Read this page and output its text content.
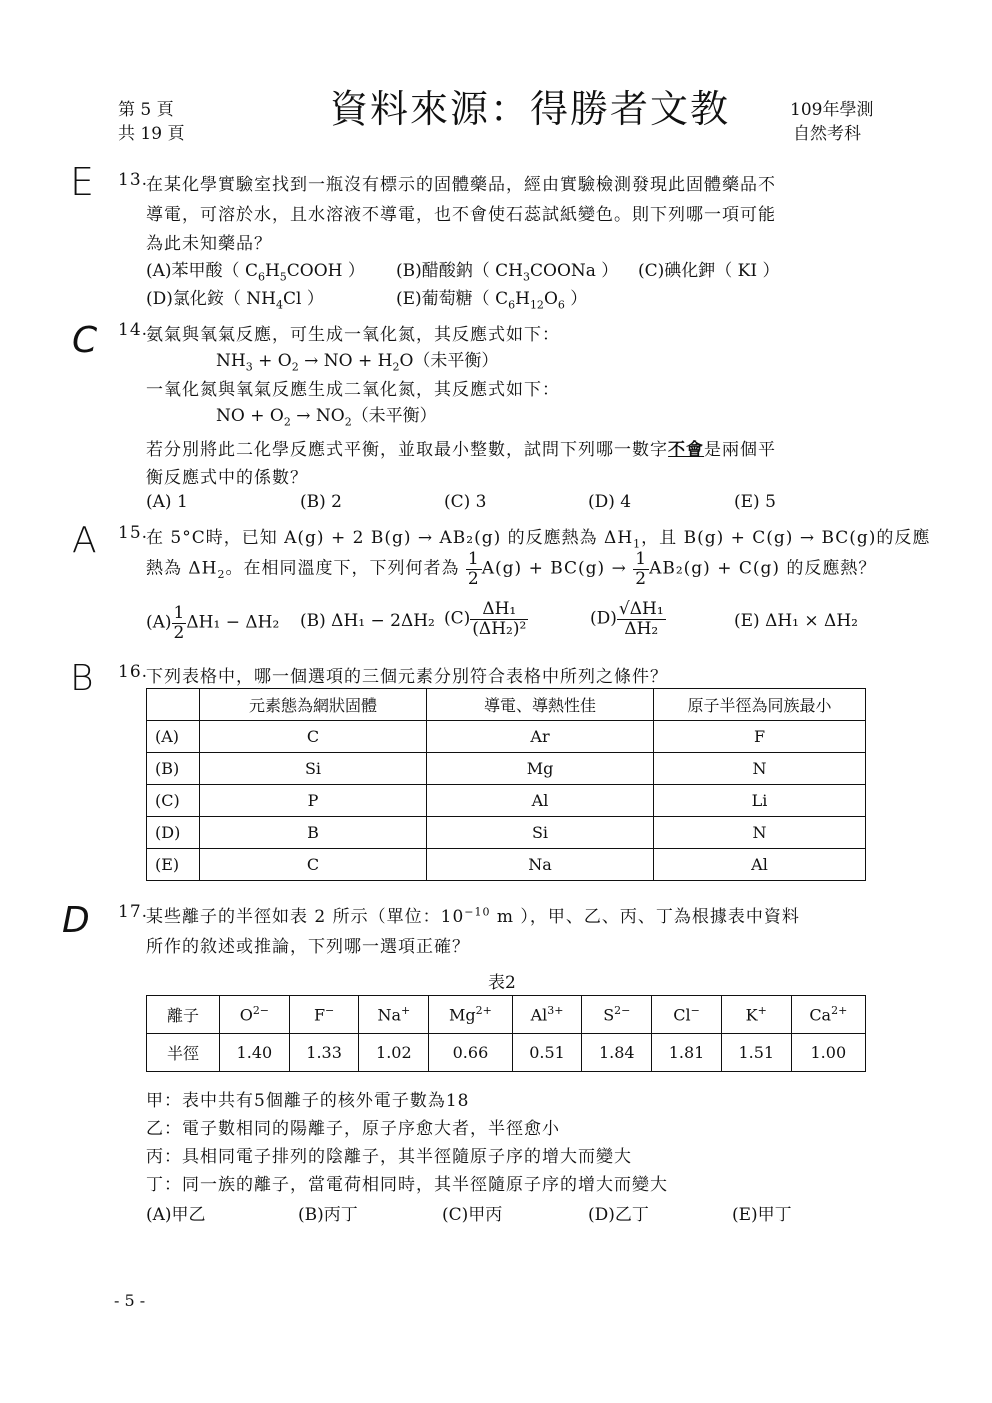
第 5 頁
共 19 頁
資料來源：得勝者文教	109年學測
自然考科
E
C
A
B
D
13.
在某化學實驗室找到一瓶沒有標示的固體藥品，經由實驗檢測發現此固體藥品不
導電，可溶於水，且水溶液不導電，也不會使石蕊試紙變色。則下列哪一項可能
為此未知藥品？
(A)苯甲酸（ $C_6H_5COOH$ ） (B)醋酸鈉（ $CH_3COONa$ ） (C)碘化鉀（ KI ）
(D)氯化銨（ $NH_4Cl$ ）	(E)葡萄糖（ $C_6H_{12}O_6$ ）
14.
氨氣與氧氣反應，可生成一氧化氮，其反應式如下：
$NH_3 + O_2$ → NO + $H_2O$（未平衡）
一氧化氮與氧氣反應生成二氧化氮，其反應式如下：
NO + $O_2 \to NO_2$（未平衡）
若分別將此二化學反應式平衡，並取最小整數，試問下列哪一數字不會是兩個平
衡反應式中的係數？
(A) 1	(B) 2	(C) 3	(D) 4	(E) 5
15.
在 5°C時，已知 A(g) + 2 B(g) → AB₂(g) 的反應熱為 $\Delta H_1$，且 B(g) + C(g) → BC(g)的反應
熱為 $\Delta H_2$。在相同溫度下，下列何者為 $\frac{1}{2} A(g) + BC(g) \to \frac{1}{2} AB_2(g) + C(g)$ 的反應熱？
$(A) \frac{1}{2} \Delta H_1 - \Delta H_2$ (B) ΔH₁ − 2ΔH₂ $(C) \frac{\text{ΔH₁}}{\text{(ΔH₂)²}}$	$(D) \frac{\text{√ΔH₁}}{\text{ΔH₂}}$	(E) ΔH₁ × ΔH₂
16.
下列表格中，哪一個選項的三個元素分別符合表格中所列之條件？
	元素態為網狀固體	導電、導熱性佳	原子半徑為同族最小
(A)	C	Ar	F
(B)	Si	Mg	N
(C)	P	Al	Li
(D)	B	Si	N
(E)	C	Na	Al
17.
某些離子的半徑如表 2 所示（單位：$10^{-10}$ m ），甲、乙、丙、丁為根據表中資料
所作的敘述或推論，下列哪一選項正確？
表2
離子	$O^{2-}$	F−	Na+	$Mg^{2+}$	$Al^{3+}$	$S^{2-}$	Cl−	K+	$Ca^{2+}$
半徑	1.40	1.33	1.02	0.66	0.51	1.84	1.81	1.51	1.00
甲：表中共有5個離子的核外電子數為18
乙：電子數相同的陽離子，原子序愈大者，半徑愈小
丙：具相同電子排列的陰離子，其半徑隨原子序的增大而變大
丁：同一族的離子，當電荷相同時，其半徑隨原子序的增大而變大
(A)甲乙	(B)丙丁	(C)甲丙	(D)乙丁	(E)甲丁
- 5 -
